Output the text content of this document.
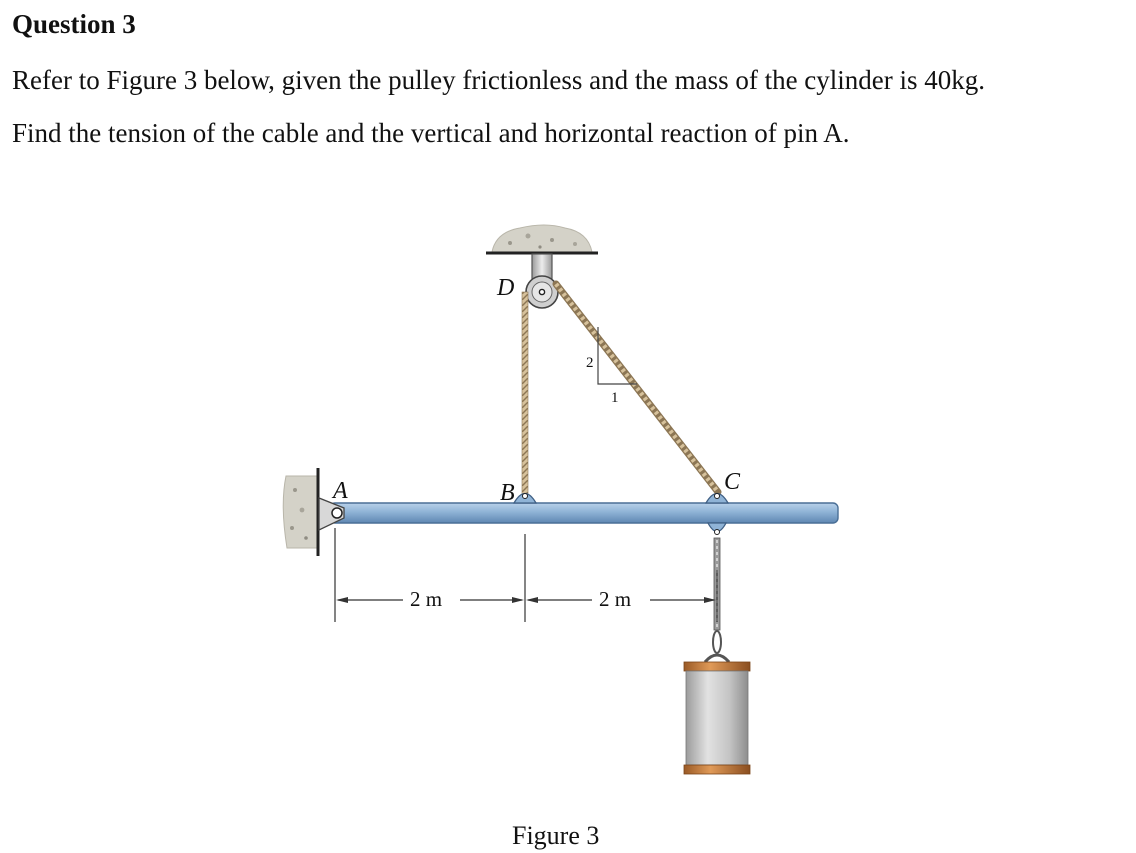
Question 3
Refer to Figure 3 below, given the pulley frictionless and the mass of the cylinder is 40kg.
Find the tension of the cable and the vertical and horizontal reaction of pin A.
2
1
2 m	2 m
A	B	C
D
Figure 3
